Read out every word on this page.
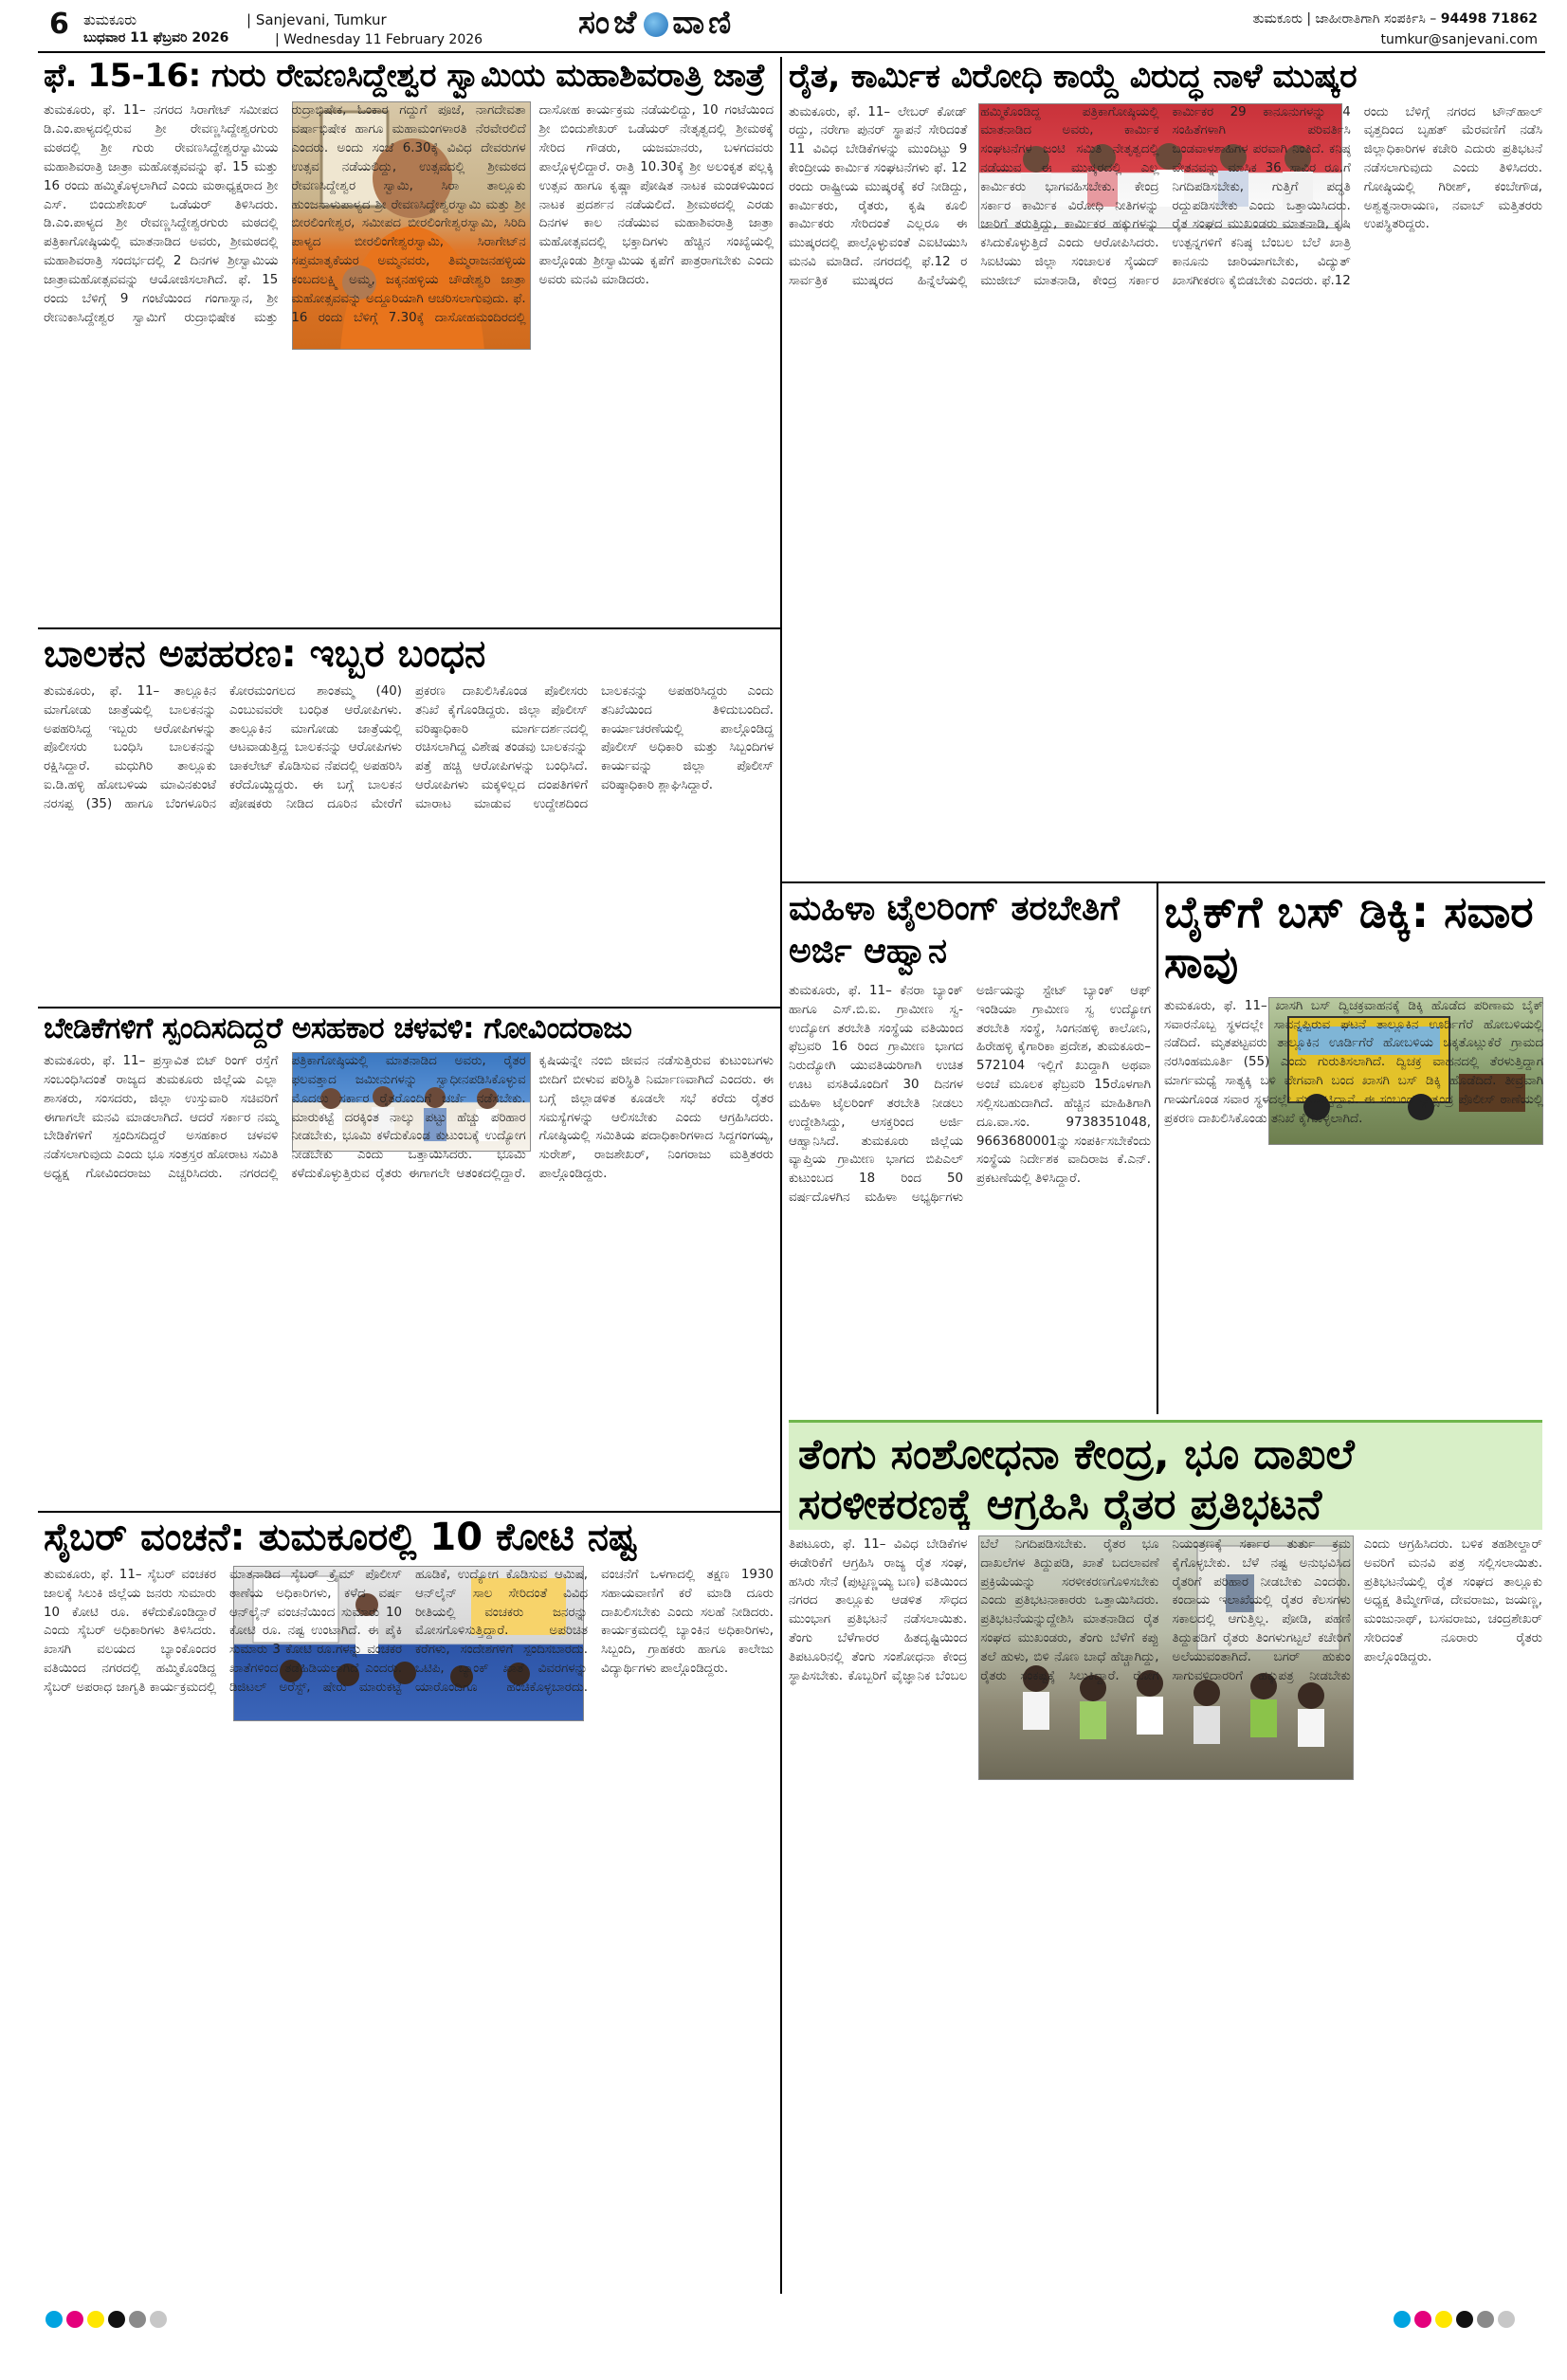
6 ತುಮಕೂರು
ಬುಧವಾರ 11 ಫೆಬ್ರವರಿ 2026
| Sanjevani, Tumkur
| Wednesday 11 February 2026	ಸಂಜೆ ವಾಣಿ	ತುಮಕೂರು | ಜಾಹೀರಾತಿಗಾಗಿ ಸಂಪರ್ಕಿಸಿ – 94498 71862
tumkur@sanjevani.com
ಫೆ. 15-16: ಗುರು ರೇವಣಸಿದ್ದೇಶ್ವರ ಸ್ವಾಮಿಯ ಮಹಾಶಿವರಾತ್ರಿ ಜಾತ್ರೆ
ತುಮಕೂರು, ಫೆ. 11– ನಗರದ ಸಿರಾಗೇಟ್ ಸಮೀಪದ ಡಿ.ಎಂ.ಪಾಳ್ಯದಲ್ಲಿರುವ ಶ್ರೀ ರೇವಣ್ಣಸಿದ್ದೇಶ್ವರಗುರು ಮಠದಲ್ಲಿ ಶ್ರೀ ಗುರು ರೇವಣಸಿದ್ದೇಶ್ವರಸ್ವಾಮಿಯ ಮಹಾಶಿವರಾತ್ರಿ ಜಾತ್ರಾ ಮಹೋತ್ಸವವನ್ನು ಫೆ. 15 ಮತ್ತು 16 ರಂದು ಹಮ್ಮಿಕೊಳ್ಳಲಾಗಿದೆ ಎಂದು ಮಠಾಧ್ಯಕ್ಷರಾದ ಶ್ರೀ ಎಸ್. ಬಿಂದುಶೇಖರ್ ಒಡೆಯರ್ ತಿಳಿಸಿದರು. ಡಿ.ಎಂ.ಪಾಳ್ಯದ ಶ್ರೀ ರೇವಣ್ಣಸಿದ್ದೇಶ್ವರಗುರು ಮಠದಲ್ಲಿ ಪತ್ರಿಕಾಗೋಷ್ಠಿಯಲ್ಲಿ ಮಾತನಾಡಿದ ಅವರು, ಶ್ರೀಮಠದಲ್ಲಿ ಮಹಾಶಿವರಾತ್ರಿ ಸಂದರ್ಭದಲ್ಲಿ 2 ದಿನಗಳ ಶ್ರೀಸ್ವಾಮಿಯ ಜಾತ್ರಾಮಹೋತ್ಸವವನ್ನು ಆಯೋಜಿಸಲಾಗಿದೆ. ಫೆ. 15 ರಂದು ಬೆಳಿಗ್ಗೆ 9 ಗಂಟೆಯಿಂದ ಗಂಗಾಸ್ನಾನ, ಶ್ರೀ ರೇಣುಕಾಸಿದ್ದೇಶ್ವರ ಸ್ವಾಮಿಗೆ ರುದ್ರಾಭಿಷೇಕ ಮತ್ತು ರುದ್ರಾಭಿಷೇಕ, ಓಂಕಾರ ಗದ್ದುಗೆ ಪೂಜೆ, ನಾಗದೇವತಾ ವರ್ಷಾಭಿಷೇಕ ಹಾಗೂ ಮಹಾಮಂಗಳಾರತಿ ನೆರವೇರಲಿದೆ ಎಂದರು. ಅಂದು ಸಂಜೆ 6.30ಕ್ಕೆ ವಿವಿಧ ದೇವರುಗಳ ಉತ್ಸವ ನಡೆಯಲಿದ್ದು, ಉತ್ಸವದಲ್ಲಿ ಶ್ರೀಮಠದ ರೇವಣಸಿದ್ದೇಶ್ವರ ಸ್ವಾಮಿ, ಸಿರಾ ತಾಲ್ಲೂಕು ಹುಂಜನಾಳುಪಾಳ್ಯದ ಶ್ರೀ ರೇವಣಸಿದ್ದೇಶ್ವರಸ್ವಾಮಿ ಮತ್ತು ಶ್ರೀ ಬೀರಲಿಂಗೇಶ್ವರ, ಸಮೀಪದ ಬೀರಲಿಂಗೇಶ್ವರಸ್ವಾಮಿ, ಸಿರಿದಿ ಪಾಳ್ಯದ ಬೀರಲಿಂಗೇಶ್ವರಸ್ವಾಮಿ, ಸಿರಾಗೇಟ್‌ನ ಸಪ್ತಮಾತೃಕೆಯರ ಅಮ್ಮನವರು, ತಿಮ್ಮರಾಜನಹಳ್ಳಿಯ ಕಂಬದಲಕ್ಷ್ಮಿ ಅಮ್ಮ, ಜಕ್ಕನಹಳ್ಳಿಯ ಚೌಡೇಶ್ವರಿ ಜಾತ್ರಾ ಮಹೋತ್ಸವವನ್ನು ಅದ್ದೂರಿಯಾಗಿ ಆಚರಿಸಲಾಗುವುದು. ಫೆ. 16 ರಂದು ಬೆಳಿಗ್ಗೆ 7.30ಕ್ಕೆ ದಾಸೋಹಮಂದಿರದಲ್ಲಿ ದಾಸೋಹ ಕಾರ್ಯಕ್ರಮ ನಡೆಯಲಿದ್ದು, 10 ಗಂಟೆಯಿಂದ ಶ್ರೀ ಬಿಂದುಶೇಖರ್ ಒಡೆಯರ್ ನೇತೃತ್ವದಲ್ಲಿ ಶ್ರೀಮಠಕ್ಕೆ ಸೇರಿದ ಗೌಡರು, ಯಜಮಾನರು, ಬಳಗದವರು ಪಾಲ್ಗೊಳ್ಳಲಿದ್ದಾರೆ. ರಾತ್ರಿ 10.30ಕ್ಕೆ ಶ್ರೀ ಅಲಂಕೃತ ಪಲ್ಲಕ್ಕಿ ಉತ್ಸವ ಹಾಗೂ ಕೃಷ್ಣಾ ಪೋಷಿತ ನಾಟಕ ಮಂಡಳಿಯಿಂದ ನಾಟಕ ಪ್ರದರ್ಶನ ನಡೆಯಲಿದೆ. ಶ್ರೀಮಠದಲ್ಲಿ ಎರಡು ದಿನಗಳ ಕಾಲ ನಡೆಯುವ ಮಹಾಶಿವರಾತ್ರಿ ಜಾತ್ರಾ ಮಹೋತ್ಸವದಲ್ಲಿ ಭಕ್ತಾದಿಗಳು ಹೆಚ್ಚಿನ ಸಂಖ್ಯೆಯಲ್ಲಿ ಪಾಲ್ಗೊಂಡು ಶ್ರೀಸ್ವಾಮಿಯ ಕೃಪೆಗೆ ಪಾತ್ರರಾಗಬೇಕು ಎಂದು ಅವರು ಮನವಿ ಮಾಡಿದರು.
ರೈತ, ಕಾರ್ಮಿಕ ವಿರೋಧಿ ಕಾಯ್ದೆ ವಿರುದ್ಧ ನಾಳೆ ಮುಷ್ಕರ
ತುಮಕೂರು, ಫೆ. 11– ಲೇಬರ್ ಕೋಡ್ ರದ್ದು, ನರೇಗಾ ಪುನರ್ ಸ್ಥಾಪನೆ ಸೇರಿದಂತೆ 11 ವಿವಿಧ ಬೇಡಿಕೆಗಳನ್ನು ಮುಂದಿಟ್ಟು 9 ಕೇಂದ್ರೀಯ ಕಾರ್ಮಿಕ ಸಂಘಟನೆಗಳು ಫೆ. 12 ರಂದು ರಾಷ್ಟ್ರೀಯ ಮುಷ್ಕರಕ್ಕೆ ಕರೆ ನೀಡಿದ್ದು, ಕಾರ್ಮಿಕರು, ರೈತರು, ಕೃಷಿ ಕೂಲಿ ಕಾರ್ಮಿಕರು ಸೇರಿದಂತೆ ಎಲ್ಲರೂ ಈ ಮುಷ್ಕರದಲ್ಲಿ ಪಾಲ್ಗೊಳ್ಳುವಂತೆ ಎಐಟಿಯುಸಿ ಮನವಿ ಮಾಡಿದೆ. ನಗರದಲ್ಲಿ ಫೆ.12 ರ ಸಾರ್ವತ್ರಿಕ ಮುಷ್ಕರದ ಹಿನ್ನೆಲೆಯಲ್ಲಿ ಹಮ್ಮಿಕೊಂಡಿದ್ದ ಪತ್ರಿಕಾಗೋಷ್ಠಿಯಲ್ಲಿ ಮಾತನಾಡಿದ ಅವರು, ಕಾರ್ಮಿಕ ಸಂಘಟನೆಗಳ ಜಂಟಿ ಸಮಿತಿ ನೇತೃತ್ವದಲ್ಲಿ ನಡೆಯುವ ಈ ಮುಷ್ಕರದಲ್ಲಿ ಎಲ್ಲ ಕಾರ್ಮಿಕರು ಭಾಗವಹಿಸಬೇಕು. ಕೇಂದ್ರ ಸರ್ಕಾರ ಕಾರ್ಮಿಕ ವಿರೋಧಿ ನೀತಿಗಳನ್ನು ಜಾರಿಗೆ ತರುತ್ತಿದ್ದು, ಕಾರ್ಮಿಕರ ಹಕ್ಕುಗಳನ್ನು ಕಸಿದುಕೊಳ್ಳುತ್ತಿದೆ ಎಂದು ಆರೋಪಿಸಿದರು. ಸಿಐಟಿಯು ಜಿಲ್ಲಾ ಸಂಚಾಲಕ ಸೈಯದ್ ಮುಜೀಬ್ ಮಾತನಾಡಿ, ಕೇಂದ್ರ ಸರ್ಕಾರ ಕಾರ್ಮಿಕರ 29 ಕಾನೂನುಗಳನ್ನು 4 ಸಂಹಿತೆಗಳಾಗಿ ಪರಿವರ್ತಿಸಿ ಬಂಡವಾಳಶಾಹಿಗಳ ಪರವಾಗಿ ನಿಂತಿದೆ. ಕನಿಷ್ಠ ವೇತನವನ್ನು ಮಾಸಿಕ 36 ಸಾವಿರ ರೂ.ಗೆ ನಿಗದಿಪಡಿಸಬೇಕು, ಗುತ್ತಿಗೆ ಪದ್ಧತಿ ರದ್ದುಪಡಿಸಬೇಕು ಎಂದು ಒತ್ತಾಯಿಸಿದರು. ರೈತ ಸಂಘದ ಮುಖಂಡರು ಮಾತನಾಡಿ, ಕೃಷಿ ಉತ್ಪನ್ನಗಳಿಗೆ ಕನಿಷ್ಠ ಬೆಂಬಲ ಬೆಲೆ ಖಾತ್ರಿ ಕಾನೂನು ಜಾರಿಯಾಗಬೇಕು, ವಿದ್ಯುತ್ ಖಾಸಗೀಕರಣ ಕೈಬಿಡಬೇಕು ಎಂದರು. ಫೆ.12 ರಂದು ಬೆಳಿಗ್ಗೆ ನಗರದ ಟೌನ್‌ಹಾಲ್ ವೃತ್ತದಿಂದ ಬೃಹತ್ ಮೆರವಣಿಗೆ ನಡೆಸಿ ಜಿಲ್ಲಾಧಿಕಾರಿಗಳ ಕಚೇರಿ ಎದುರು ಪ್ರತಿಭಟನೆ ನಡೆಸಲಾಗುವುದು ಎಂದು ತಿಳಿಸಿದರು. ಗೋಷ್ಠಿಯಲ್ಲಿ ಗಿರೀಶ್, ಕಂಬೇಗೌಡ, ಅಶ್ವತ್ಥನಾರಾಯಣ, ನವಾಬ್ ಮತ್ತಿತರರು ಉಪಸ್ಥಿತರಿದ್ದರು.
ಬಾಲಕನ ಅಪಹರಣ: ಇಬ್ಬರ ಬಂಧನ
ತುಮಕೂರು, ಫೆ. 11– ತಾಲ್ಲೂಕಿನ ಮಾಗೋಡು ಜಾತ್ರೆಯಲ್ಲಿ ಬಾಲಕನನ್ನು ಅಪಹರಿಸಿದ್ದ ಇಬ್ಬರು ಆರೋಪಿಗಳನ್ನು ಪೊಲೀಸರು ಬಂಧಿಸಿ ಬಾಲಕನನ್ನು ರಕ್ಷಿಸಿದ್ದಾರೆ. ಮಧುಗಿರಿ ತಾಲ್ಲೂಕು ಐ.ಡಿ.ಹಳ್ಳಿ ಹೋಬಳಿಯ ಮಾವಿನಕುಂಟೆ ನರಸಪ್ಪ (35) ಹಾಗೂ ಬೆಂಗಳೂರಿನ ಕೋರಮಂಗಲದ ಶಾಂತಮ್ಮ (40) ಎಂಬುವವರೇ ಬಂಧಿತ ಆರೋಪಿಗಳು. ತಾಲ್ಲೂಕಿನ ಮಾಗೋಡು ಜಾತ್ರೆಯಲ್ಲಿ ಆಟವಾಡುತ್ತಿದ್ದ ಬಾಲಕನನ್ನು ಆರೋಪಿಗಳು ಚಾಕಲೇಟ್ ಕೊಡಿಸುವ ನೆಪದಲ್ಲಿ ಅಪಹರಿಸಿ ಕರೆದೊಯ್ದಿದ್ದರು. ಈ ಬಗ್ಗೆ ಬಾಲಕನ ಪೋಷಕರು ನೀಡಿದ ದೂರಿನ ಮೇರೆಗೆ ಪ್ರಕರಣ ದಾಖಲಿಸಿಕೊಂಡ ಪೊಲೀಸರು ತನಿಖೆ ಕೈಗೊಂಡಿದ್ದರು. ಜಿಲ್ಲಾ ಪೊಲೀಸ್ ವರಿಷ್ಠಾಧಿಕಾರಿ ಮಾರ್ಗದರ್ಶನದಲ್ಲಿ ರಚಿಸಲಾಗಿದ್ದ ವಿಶೇಷ ತಂಡವು ಬಾಲಕನನ್ನು ಪತ್ತೆ ಹಚ್ಚಿ ಆರೋಪಿಗಳನ್ನು ಬಂಧಿಸಿದೆ. ಆರೋಪಿಗಳು ಮಕ್ಕಳಿಲ್ಲದ ದಂಪತಿಗಳಿಗೆ ಮಾರಾಟ ಮಾಡುವ ಉದ್ದೇಶದಿಂದ ಬಾಲಕನನ್ನು ಅಪಹರಿಸಿದ್ದರು ಎಂದು ತನಿಖೆಯಿಂದ ತಿಳಿದುಬಂದಿದೆ. ಕಾರ್ಯಾಚರಣೆಯಲ್ಲಿ ಪಾಲ್ಗೊಂಡಿದ್ದ ಪೊಲೀಸ್ ಅಧಿಕಾರಿ ಮತ್ತು ಸಿಬ್ಬಂದಿಗಳ ಕಾರ್ಯವನ್ನು ಜಿಲ್ಲಾ ಪೊಲೀಸ್ ವರಿಷ್ಠಾಧಿಕಾರಿ ಶ್ಲಾಘಿಸಿದ್ದಾರೆ.
ಬೇಡಿಕೆಗಳಿಗೆ ಸ್ಪಂದಿಸದಿದ್ದರೆ ಅಸಹಕಾರ ಚಳವಳಿ: ಗೋವಿಂದರಾಜು
ತುಮಕೂರು, ಫೆ. 11– ಪ್ರಸ್ತಾವಿತ ಬಿಟ್ ರಿಂಗ್ ರಸ್ತೆಗೆ ಸಂಬಂಧಿಸಿದಂತೆ ರಾಜ್ಯದ ತುಮಕೂರು ಜಿಲ್ಲೆಯ ಎಲ್ಲಾ ಶಾಸಕರು, ಸಂಸದರು, ಜಿಲ್ಲಾ ಉಸ್ತುವಾರಿ ಸಚಿವರಿಗೆ ಈಗಾಗಲೇ ಮನವಿ ಮಾಡಲಾಗಿದೆ. ಆದರೆ ಸರ್ಕಾರ ನಮ್ಮ ಬೇಡಿಕೆಗಳಿಗೆ ಸ್ಪಂದಿಸದಿದ್ದರೆ ಅಸಹಕಾರ ಚಳವಳಿ ನಡೆಸಲಾಗುವುದು ಎಂದು ಭೂ ಸಂತ್ರಸ್ತರ ಹೋರಾಟ ಸಮಿತಿ ಅಧ್ಯಕ್ಷ ಗೋವಿಂದರಾಜು ಎಚ್ಚರಿಸಿದರು. ನಗರದಲ್ಲಿ ಪತ್ರಿಕಾಗೋಷ್ಠಿಯಲ್ಲಿ ಮಾತನಾಡಿದ ಅವರು, ರೈತರ ಫಲವತ್ತಾದ ಜಮೀನುಗಳನ್ನು ಸ್ವಾಧೀನಪಡಿಸಿಕೊಳ್ಳುವ ಮೊದಲು ಸರ್ಕಾರ ರೈತರೊಂದಿಗೆ ಚರ್ಚೆ ನಡೆಸಬೇಕು. ಮಾರುಕಟ್ಟೆ ದರಕ್ಕಿಂತ ನಾಲ್ಕು ಪಟ್ಟು ಹೆಚ್ಚು ಪರಿಹಾರ ನೀಡಬೇಕು, ಭೂಮಿ ಕಳೆದುಕೊಂಡ ಕುಟುಂಬಕ್ಕೆ ಉದ್ಯೋಗ ನೀಡಬೇಕು ಎಂದು ಒತ್ತಾಯಿಸಿದರು. ಭೂಮಿ ಕಳೆದುಕೊಳ್ಳುತ್ತಿರುವ ರೈತರು ಈಗಾಗಲೇ ಆತಂಕದಲ್ಲಿದ್ದಾರೆ. ಕೃಷಿಯನ್ನೇ ನಂಬಿ ಜೀವನ ನಡೆಸುತ್ತಿರುವ ಕುಟುಂಬಗಳು ಬೀದಿಗೆ ಬೀಳುವ ಪರಿಸ್ಥಿತಿ ನಿರ್ಮಾಣವಾಗಿದೆ ಎಂದರು. ಈ ಬಗ್ಗೆ ಜಿಲ್ಲಾಡಳಿತ ಕೂಡಲೇ ಸಭೆ ಕರೆದು ರೈತರ ಸಮಸ್ಯೆಗಳನ್ನು ಆಲಿಸಬೇಕು ಎಂದು ಆಗ್ರಹಿಸಿದರು. ಗೋಷ್ಠಿಯಲ್ಲಿ ಸಮಿತಿಯ ಪದಾಧಿಕಾರಿಗಳಾದ ಸಿದ್ದಗಂಗಯ್ಯ, ಸುರೇಶ್, ರಾಜಶೇಖರ್, ನಿಂಗರಾಜು ಮತ್ತಿತರರು ಪಾಲ್ಗೊಂಡಿದ್ದರು.
ಸೈಬರ್ ವಂಚನೆ: ತುಮಕೂರಲ್ಲಿ 10 ಕೋಟಿ ನಷ್ಟ
ತುಮಕೂರು, ಫೆ. 11– ಸೈಬರ್ ವಂಚಕರ ಜಾಲಕ್ಕೆ ಸಿಲುಕಿ ಜಿಲ್ಲೆಯ ಜನರು ಸುಮಾರು 10 ಕೋಟಿ ರೂ. ಕಳೆದುಕೊಂಡಿದ್ದಾರೆ ಎಂದು ಸೈಬರ್ ಅಧಿಕಾರಿಗಳು ತಿಳಿಸಿದರು. ಖಾಸಗಿ ವಲಯದ ಬ್ಯಾಂಕೊಂದರ ವತಿಯಿಂದ ನಗರದಲ್ಲಿ ಹಮ್ಮಿಕೊಂಡಿದ್ದ ಸೈಬರ್ ಅಪರಾಧ ಜಾಗೃತಿ ಕಾರ್ಯಕ್ರಮದಲ್ಲಿ ಮಾತನಾಡಿದ ಸೈಬರ್ ಕ್ರೈಮ್ ಪೊಲೀಸ್ ಠಾಣೆಯ ಅಧಿಕಾರಿಗಳು, ಕಳೆದ ವರ್ಷ ಆನ್‌ಲೈನ್ ವಂಚನೆಯಿಂದ ಸುಮಾರು 10 ಕೋಟಿ ರೂ. ನಷ್ಟ ಉಂಟಾಗಿದೆ. ಈ ಪೈಕಿ ಸುಮಾರು 3 ಕೋಟಿ ರೂ.ಗಳನ್ನು ವಂಚಕರ ಖಾತೆಗಳಿಂದ ತಡೆಹಿಡಿಯಲಾಗಿದೆ ಎಂದರು. ಡಿಜಿಟಲ್ ಅರೆಸ್ಟ್, ಷೇರು ಮಾರುಕಟ್ಟೆ ಹೂಡಿಕೆ, ಉದ್ಯೋಗ ಕೊಡಿಸುವ ಆಮಿಷ, ಆನ್‌ಲೈನ್ ಸಾಲ ಸೇರಿದಂತೆ ವಿವಿಧ ರೀತಿಯಲ್ಲಿ ವಂಚಕರು ಜನರನ್ನು ಮೋಸಗೊಳಿಸುತ್ತಿದ್ದಾರೆ. ಅಪರಿಚಿತ ಕರೆಗಳು, ಸಂದೇಶಗಳಿಗೆ ಸ್ಪಂದಿಸಬಾರದು. ಒಟಿಪಿ, ಬ್ಯಾಂಕ್ ಖಾತೆ ವಿವರಗಳನ್ನು ಯಾರೊಂದಿಗೂ ಹಂಚಿಕೊಳ್ಳಬಾರದು. ವಂಚನೆಗೆ ಒಳಗಾದಲ್ಲಿ ತಕ್ಷಣ 1930 ಸಹಾಯವಾಣಿಗೆ ಕರೆ ಮಾಡಿ ದೂರು ದಾಖಲಿಸಬೇಕು ಎಂದು ಸಲಹೆ ನೀಡಿದರು. ಕಾರ್ಯಕ್ರಮದಲ್ಲಿ ಬ್ಯಾಂಕಿನ ಅಧಿಕಾರಿಗಳು, ಸಿಬ್ಬಂದಿ, ಗ್ರಾಹಕರು ಹಾಗೂ ಕಾಲೇಜು ವಿದ್ಯಾರ್ಥಿಗಳು ಪಾಲ್ಗೊಂಡಿದ್ದರು.
ಮಹಿಳಾ ಟೈಲರಿಂಗ್ ತರಬೇತಿಗೆ ಅರ್ಜಿ ಆಹ್ವಾನ
ತುಮಕೂರು, ಫೆ. 11– ಕೆನರಾ ಬ್ಯಾಂಕ್ ಹಾಗೂ ಎಸ್.ಬಿ.ಐ. ಗ್ರಾಮೀಣ ಸ್ವ-ಉದ್ಯೋಗ ತರಬೇತಿ ಸಂಸ್ಥೆಯ ವತಿಯಿಂದ ಫೆಬ್ರವರಿ 16 ರಿಂದ ಗ್ರಾಮೀಣ ಭಾಗದ ನಿರುದ್ಯೋಗಿ ಯುವತಿಯರಿಗಾಗಿ ಉಚಿತ ಊಟ ವಸತಿಯೊಂದಿಗೆ 30 ದಿನಗಳ ಮಹಿಳಾ ಟೈಲರಿಂಗ್ ತರಬೇತಿ ನೀಡಲು ಉದ್ದೇಶಿಸಿದ್ದು, ಆಸಕ್ತರಿಂದ ಅರ್ಜಿ ಆಹ್ವಾನಿಸಿದೆ. ತುಮಕೂರು ಜಿಲ್ಲೆಯ ವ್ಯಾಪ್ತಿಯ ಗ್ರಾಮೀಣ ಭಾಗದ ಬಿಪಿಎಲ್ ಕುಟುಂಬದ 18 ರಿಂದ 50 ವರ್ಷದೊಳಗಿನ ಮಹಿಳಾ ಅಭ್ಯರ್ಥಿಗಳು ಅರ್ಜಿಯನ್ನು ಸ್ಟೇಟ್ ಬ್ಯಾಂಕ್ ಆಫ್ ಇಂಡಿಯಾ ಗ್ರಾಮೀಣ ಸ್ವ ಉದ್ಯೋಗ ತರಬೇತಿ ಸಂಸ್ಥೆ, ಸಿಂಗನಹಳ್ಳಿ ಕಾಲೋನಿ, ಹಿರೇಹಳ್ಳಿ ಕೈಗಾರಿಕಾ ಪ್ರದೇಶ, ತುಮಕೂರು–572104 ಇಲ್ಲಿಗೆ ಖುದ್ದಾಗಿ ಅಥವಾ ಅಂಚೆ ಮೂಲಕ ಫೆಬ್ರವರಿ 15ರೊಳಗಾಗಿ ಸಲ್ಲಿಸಬಹುದಾಗಿದೆ. ಹೆಚ್ಚಿನ ಮಾಹಿತಿಗಾಗಿ ದೂ.ವಾ.ಸಂ. 9738351048, 9663680001ನ್ನು ಸಂಪರ್ಕಿಸಬೇಕೆಂದು ಸಂಸ್ಥೆಯ ನಿರ್ದೇಶಕ ವಾದಿರಾಜ ಕೆ.ಎನ್. ಪ್ರಕಟಣೆಯಲ್ಲಿ ತಿಳಿಸಿದ್ದಾರೆ.
ಬೈಕ್‌ಗೆ ಬಸ್ ಡಿಕ್ಕಿ: ಸವಾರ ಸಾವು
ತುಮಕೂರು, ಫೆ. 11– ಖಾಸಗಿ ಬಸ್ ದ್ವಿಚಕ್ರವಾಹನಕ್ಕೆ ಡಿಕ್ಕಿ ಹೊಡೆದ ಪರಿಣಾಮ ಬೈಕ್ ಸವಾರನೊಬ್ಬ ಸ್ಥಳದಲ್ಲೇ ಸಾವನ್ನಪ್ಪಿರುವ ಘಟನೆ ತಾಲ್ಲೂಕಿನ ಊರ್ಡಿಗೆರೆ ಹೋಬಳಿಯಲ್ಲಿ ನಡೆದಿದೆ. ಮೃತಪಟ್ಟವರು ತಾಲ್ಲೂಕಿನ ಊರ್ಡಿಗೆರೆ ಹೋಬಳಿಯ ಚಿಕ್ಕತೊಟ್ಲುಕೆರೆ ಗ್ರಾಮದ ನರಸಿಂಹಮೂರ್ತಿ (55) ಎಂದು ಗುರುತಿಸಲಾಗಿದೆ. ದ್ವಿಚಕ್ರ ವಾಹನದಲ್ಲಿ ತೆರಳುತ್ತಿದ್ದಾಗ ಮಾರ್ಗಮಧ್ಯೆ ಸಾತ್ಯಕ್ಕಿ ಬಳಿ ವೇಗವಾಗಿ ಬಂದ ಖಾಸಗಿ ಬಸ್ ಡಿಕ್ಕಿ ಹೊಡೆದಿದೆ. ತೀವ್ರವಾಗಿ ಗಾಯಗೊಂಡ ಸವಾರ ಸ್ಥಳದಲ್ಲೇ ಮೃತಪಟ್ಟಿದ್ದಾನೆ. ಈ ಸಂಬಂಧ ಕ್ಯಾತ್ಸಂದ್ರ ಪೊಲೀಸ್ ಠಾಣೆಯಲ್ಲಿ ಪ್ರಕರಣ ದಾಖಲಿಸಿಕೊಂಡು ತನಿಖೆ ಕೈಗೊಳ್ಳಲಾಗಿದೆ.
ತೆಂಗು ಸಂಶೋಧನಾ ಕೇಂದ್ರ, ಭೂ ದಾಖಲೆ ಸರಳೀಕರಣಕ್ಕೆ ಆಗ್ರಹಿಸಿ ರೈತರ ಪ್ರತಿಭಟನೆ
ತಿಪಟೂರು, ಫೆ. 11– ವಿವಿಧ ಬೇಡಿಕೆಗಳ ಈಡೇರಿಕೆಗೆ ಆಗ್ರಹಿಸಿ ರಾಜ್ಯ ರೈತ ಸಂಘ, ಹಸಿರು ಸೇನೆ (ಪುಟ್ಟಣ್ಣಯ್ಯ ಬಣ) ವತಿಯಿಂದ ನಗರದ ತಾಲ್ಲೂಕು ಆಡಳಿತ ಸೌಧದ ಮುಂಭಾಗ ಪ್ರತಿಭಟನೆ ನಡೆಸಲಾಯಿತು. ತೆಂಗು ಬೆಳೆಗಾರರ ಹಿತದೃಷ್ಟಿಯಿಂದ ತಿಪಟೂರಿನಲ್ಲಿ ತೆಂಗು ಸಂಶೋಧನಾ ಕೇಂದ್ರ ಸ್ಥಾಪಿಸಬೇಕು. ಕೊಬ್ಬರಿಗೆ ವೈಜ್ಞಾನಿಕ ಬೆಂಬಲ ಬೆಲೆ ನಿಗದಿಪಡಿಸಬೇಕು. ರೈತರ ಭೂ ದಾಖಲೆಗಳ ತಿದ್ದುಪಡಿ, ಖಾತೆ ಬದಲಾವಣೆ ಪ್ರಕ್ರಿಯೆಯನ್ನು ಸರಳೀಕರಣಗೊಳಿಸಬೇಕು ಎಂದು ಪ್ರತಿಭಟನಾಕಾರರು ಒತ್ತಾಯಿಸಿದರು. ಪ್ರತಿಭಟನೆಯನ್ನುದ್ದೇಶಿಸಿ ಮಾತನಾಡಿದ ರೈತ ಸಂಘದ ಮುಖಂಡರು, ತೆಂಗು ಬೆಳೆಗೆ ಕಪ್ಪು ತಲೆ ಹುಳು, ಬಿಳಿ ನೊಣ ಬಾಧೆ ಹೆಚ್ಚಾಗಿದ್ದು, ರೈತರು ಸಂಕಷ್ಟಕ್ಕೆ ಸಿಲುಕಿದ್ದಾರೆ. ರೋಗ ನಿಯಂತ್ರಣಕ್ಕೆ ಸರ್ಕಾರ ತುರ್ತು ಕ್ರಮ ಕೈಗೊಳ್ಳಬೇಕು. ಬೆಳೆ ನಷ್ಟ ಅನುಭವಿಸಿದ ರೈತರಿಗೆ ಪರಿಹಾರ ನೀಡಬೇಕು ಎಂದರು. ಕಂದಾಯ ಇಲಾಖೆಯಲ್ಲಿ ರೈತರ ಕೆಲಸಗಳು ಸಕಾಲದಲ್ಲಿ ಆಗುತ್ತಿಲ್ಲ. ಪೋಡಿ, ಪಹಣಿ ತಿದ್ದುಪಡಿಗೆ ರೈತರು ತಿಂಗಳುಗಟ್ಟಲೆ ಕಚೇರಿಗೆ ಅಲೆಯುವಂತಾಗಿದೆ. ಬಗರ್ ಹುಕುಂ ಸಾಗುವಳಿದಾರರಿಗೆ ಹಕ್ಕುಪತ್ರ ನೀಡಬೇಕು ಎಂದು ಆಗ್ರಹಿಸಿದರು. ಬಳಿಕ ತಹಶೀಲ್ದಾರ್ ಅವರಿಗೆ ಮನವಿ ಪತ್ರ ಸಲ್ಲಿಸಲಾಯಿತು. ಪ್ರತಿಭಟನೆಯಲ್ಲಿ ರೈತ ಸಂಘದ ತಾಲ್ಲೂಕು ಅಧ್ಯಕ್ಷ ತಿಮ್ಮೇಗೌಡ, ದೇವರಾಜು, ಜಯಣ್ಣ, ಮಂಜುನಾಥ್, ಬಸವರಾಜು, ಚಂದ್ರಶೇಖರ್ ಸೇರಿದಂತೆ ನೂರಾರು ರೈತರು ಪಾಲ್ಗೊಂಡಿದ್ದರು.
